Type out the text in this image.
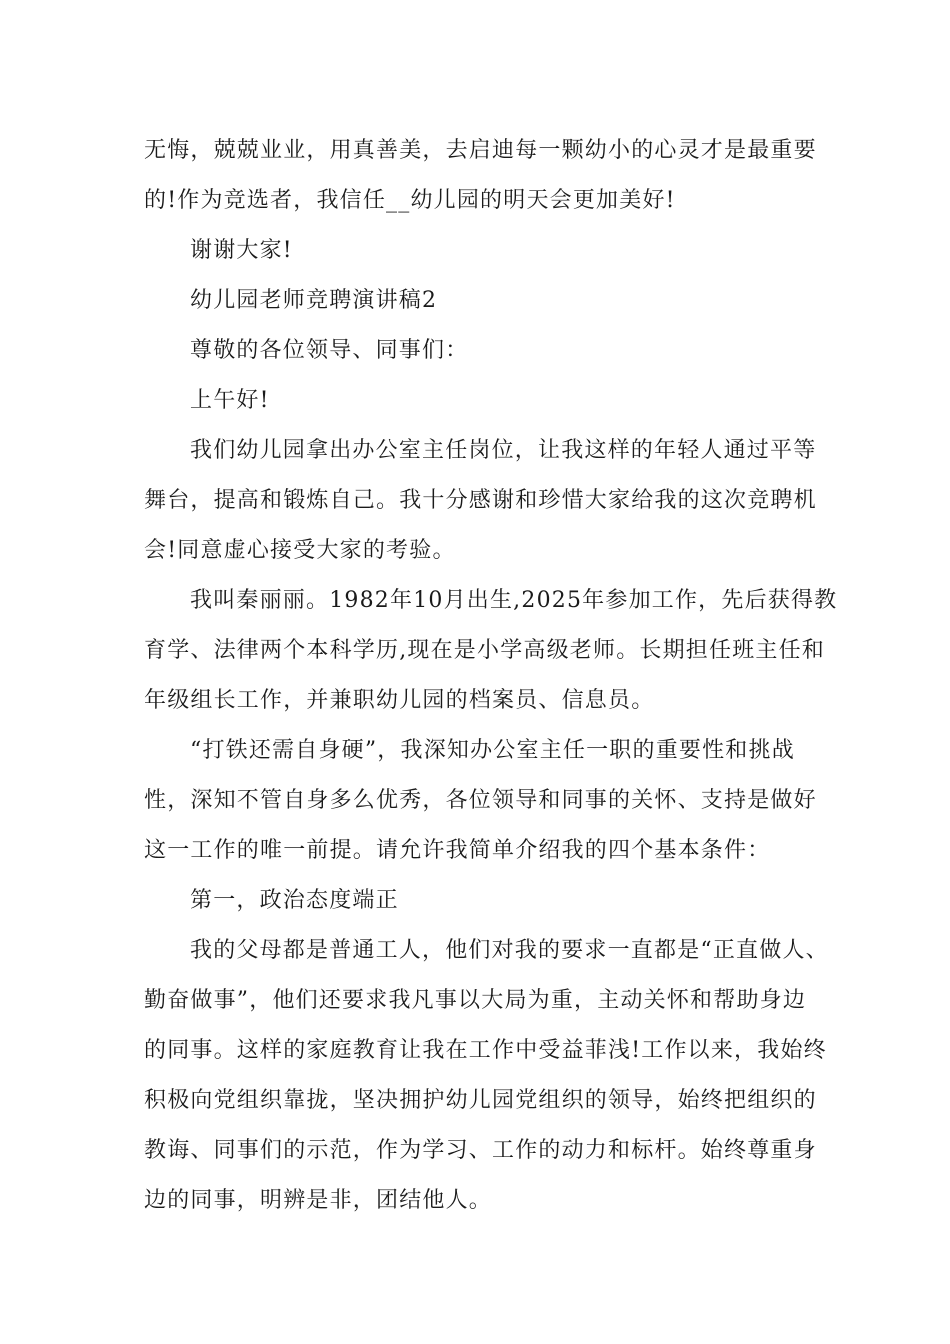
无悔，兢兢业业，用真善美，去启迪每一颗幼小的心灵才是最重要
的!作为竞选者，我信任__幼儿园的明天会更加美好!
谢谢大家!
幼儿园老师竞聘演讲稿2
尊敬的各位领导、同事们：
上午好!
我们幼儿园拿出办公室主任岗位，让我这样的年轻人通过平等
舞台，提高和锻炼自己。我十分感谢和珍惜大家给我的这次竞聘机
会!同意虚心接受大家的考验。
我叫秦丽丽。1982年10月出生,2025年参加工作，先后获得教
育学、法律两个本科学历,现在是小学高级老师。长期担任班主任和
年级组长工作，并兼职幼儿园的档案员、信息员。
“打铁还需自身硬”，我深知办公室主任一职的重要性和挑战
性，深知不管自身多么优秀，各位领导和同事的关怀、支持是做好
这一工作的唯一前提。请允许我简单介绍我的四个基本条件：
第一，政治态度端正
我的父母都是普通工人，他们对我的要求一直都是“正直做人、
勤奋做事”，他们还要求我凡事以大局为重，主动关怀和帮助身边
的同事。这样的家庭教育让我在工作中受益菲浅!工作以来，我始终
积极向党组织靠拢，坚决拥护幼儿园党组织的领导，始终把组织的
教诲、同事们的示范，作为学习、工作的动力和标杆。始终尊重身
边的同事，明辨是非，团结他人。
